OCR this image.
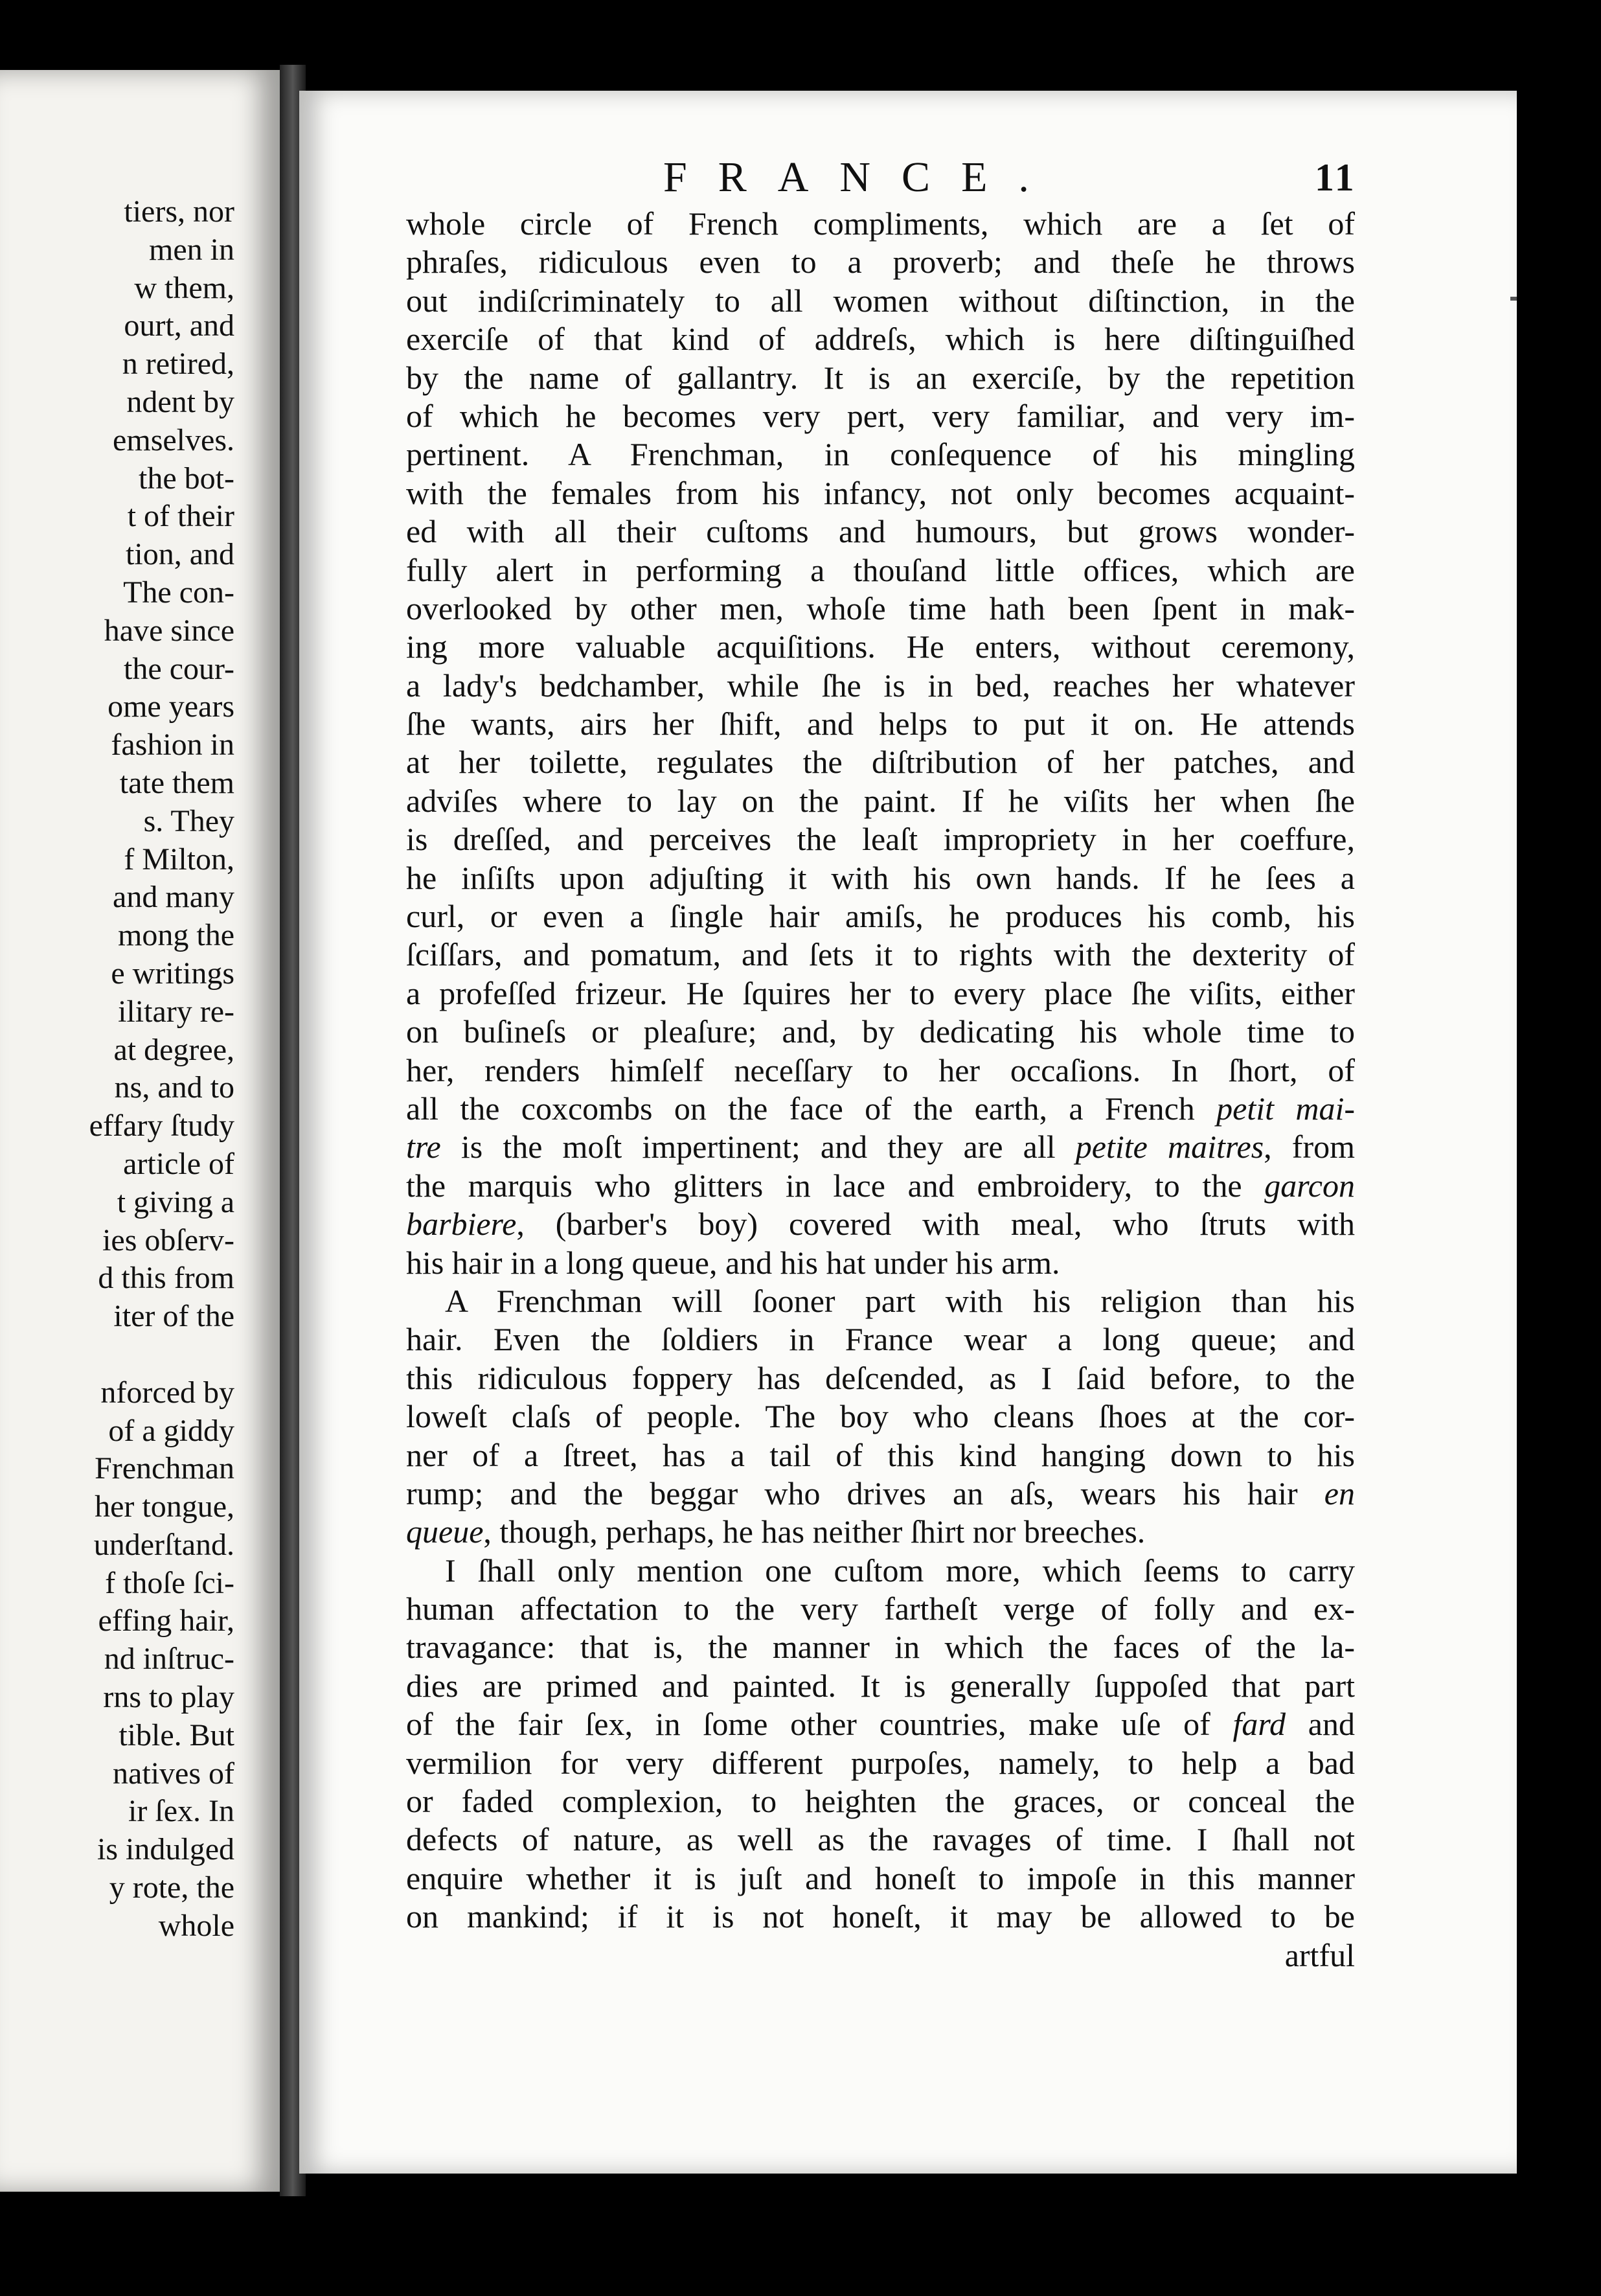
tiers, nor
men in
w them,
ourt, and
n retired,
ndent by
emselves.
the bot-
t of their
tion, and
The con-
have since
the cour-
ome years
fashion in
tate them
s. They
f Milton,
and many
mong the
e writings
ilitary re-
at degree,
ns, and to
effary ſtudy
article of
t giving a
ies obſerv-
d this from
iter of the
nforced by
of a giddy
Frenchman
her tongue,
underſtand.
f thoſe ſci-
effing hair,
nd inſtruc-
rns to play
tible. But
natives of
ir ſex. In
is indulged
y rote, the
whole
FRANCE.	11
whole circle of French compliments, which are a ſet of
phraſes, ridiculous even to a proverb; and theſe he throws
out indiſcriminately to all women without diſtinction, in the
exerciſe of that kind of addreſs, which is here diſtinguiſhed
by the name of gallantry. It is an exerciſe, by the repetition
of which he becomes very pert, very familiar, and very im-
pertinent. A Frenchman, in conſequence of his mingling
with the females from his infancy, not only becomes acquaint-
ed with all their cuſtoms and humours, but grows wonder-
fully alert in performing a thouſand little offices, which are
overlooked by other men, whoſe time hath been ſpent in mak-
ing more valuable acquiſitions. He enters, without ceremony,
a lady's bedchamber, while ſhe is in bed, reaches her whatever
ſhe wants, airs her ſhift, and helps to put it on. He attends
at her toilette, regulates the diſtribution of her patches, and
adviſes where to lay on the paint. If he viſits her when ſhe
is dreſſed, and perceives the leaſt impropriety in her coeffure,
he inſiſts upon adjuſting it with his own hands. If he ſees a
curl, or even a ſingle hair amiſs, he produces his comb, his
ſciſſars, and pomatum, and ſets it to rights with the dexterity of
a profeſſed frizeur. He ſquires her to every place ſhe viſits, either
on buſineſs or pleaſure; and, by dedicating his whole time to
her, renders himſelf neceſſary to her occaſions. In ſhort, of
all the coxcombs on the face of the earth, a French petit mai-
tre is the moſt impertinent; and they are all petite maitres, from
the marquis who glitters in lace and embroidery, to the garcon
barbiere, (barber's boy) covered with meal, who ſtruts with
his hair in a long queue, and his hat under his arm.
A Frenchman will ſooner part with his religion than his
hair. Even the ſoldiers in France wear a long queue; and
this ridiculous foppery has deſcended, as I ſaid before, to the
loweſt claſs of people. The boy who cleans ſhoes at the cor-
ner of a ſtreet, has a tail of this kind hanging down to his
rump; and the beggar who drives an aſs, wears his hair en
queue, though, perhaps, he has neither ſhirt nor breeches.
I ſhall only mention one cuſtom more, which ſeems to carry
human affectation to the very fartheſt verge of folly and ex-
travagance: that is, the manner in which the faces of the la-
dies are primed and painted. It is generally ſuppoſed that part
of the fair ſex, in ſome other countries, make uſe of fard and
vermilion for very different purpoſes, namely, to help a bad
or faded complexion, to heighten the graces, or conceal the
defects of nature, as well as the ravages of time. I ſhall not
enquire whether it is juſt and honeſt to impoſe in this manner
on mankind; if it is not honeſt, it may be allowed to be
artful
